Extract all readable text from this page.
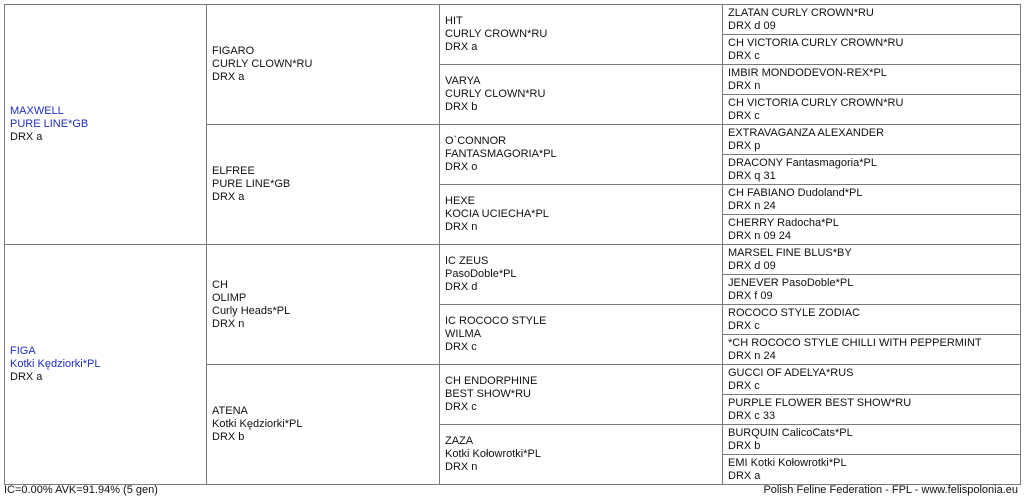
MAXWELL
PURE LINE*GB
DRX a	FIGARO
CURLY CLOWN*RU
DRX a	HIT
CURLY CROWN*RU
DRX a	ZLATAN CURLY CROWN*RU
DRX d 09

			CH VICTORIA CURLY CROWN*RU
DRX c

		VARYA
CURLY CLOWN*RU
DRX b	IMBIR MONDODEVON-REX*PL
DRX n

			CH VICTORIA CURLY CROWN*RU
DRX c

	ELFREE
PURE LINE*GB
DRX a	O`CONNOR
FANTASMAGORIA*PL
DRX o	EXTRAVAGANZA ALEXANDER
DRX p

			DRACONY Fantasmagoria*PL
DRX q 31

		HEXE
KOCIA UCIECHA*PL
DRX n	CH FABIANO Dudoland*PL
DRX n 24

			CHERRY Radocha*PL
DRX n 09 24

FIGA
Kotki Kędziorki*PL
DRX a	CH
OLIMP
Curly Heads*PL
DRX n	IC ZEUS
PasoDoble*PL
DRX d	MARSEL FINE BLUS*BY
DRX d 09

			JENEVER PasoDoble*PL
DRX f 09

		IC ROCOCO STYLE
WILMA
DRX c	ROCOCO STYLE ZODIAC
DRX c

			*CH ROCOCO STYLE CHILLI WITH PEPPERMINT
DRX n 24

	ATENA
Kotki Kędziorki*PL
DRX b	CH ENDORPHINE
BEST SHOW*RU
DRX c	GUCCI OF ADELYA*RUS
DRX c

			PURPLE FLOWER BEST SHOW*RU
DRX c 33

		ZAZA
Kotki Kołowrotki*PL
DRX n	BURQUIN CalicoCats*PL
DRX b

			EMI Kotki Kołowrotki*PL
DRX a
IC=0.00% AVK=91.94% (5 gen)	Polish Feline Federation - FPL - www.felispolonia.eu
